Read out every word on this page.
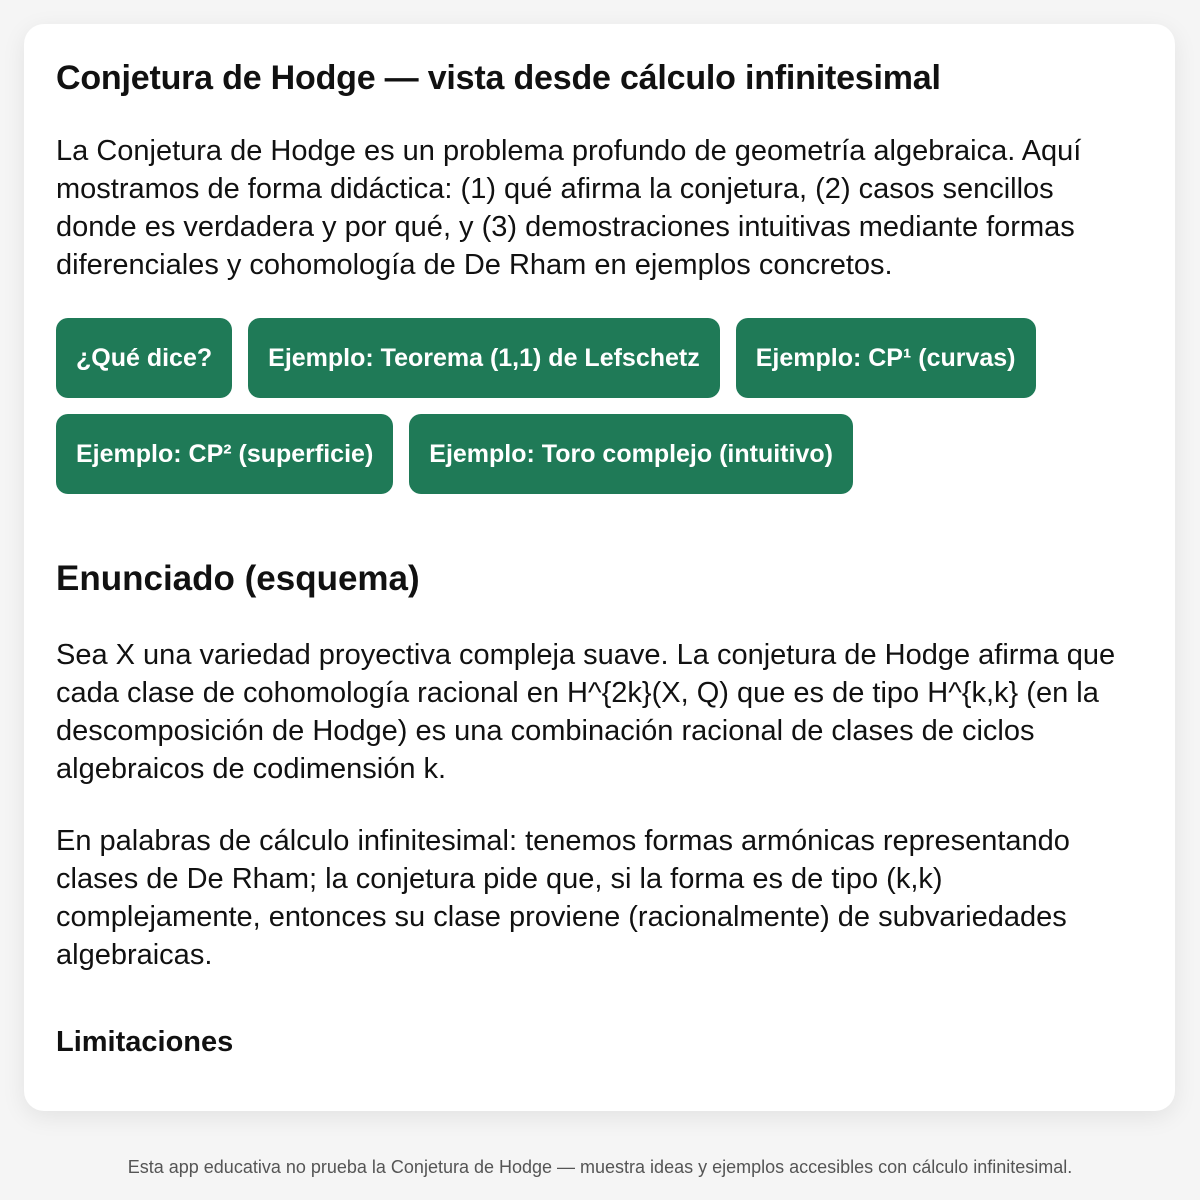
Conjetura de Hodge — vista desde cálculo infinitesimal

La Conjetura de Hodge es un problema profundo de geometría algebraica. Aquí mostramos de forma didáctica: (1) qué afirma la conjetura, (2) casos sencillos donde es verdadera y por qué, y (3) demostraciones intuitivas mediante formas diferenciales y cohomología de De Rham en ejemplos concretos.

¿Qué dice?	Ejemplo: Teorema (1,1) de Lefschetz	Ejemplo: CP¹ (curvas)
Ejemplo: CP² (superficie)	Ejemplo: Toro complejo (intuitivo)
Enunciado (esquema)

Sea X una variedad proyectiva compleja suave. La conjetura de Hodge afirma que cada clase de cohomología racional en H^{2k}(X, Q) que es de tipo H^{k,k} (en la descomposición de Hodge) es una combinación racional de clases de ciclos algebraicos de codimensión k.

En palabras de cálculo infinitesimal: tenemos formas armónicas representando clases de De Rham; la conjetura pide que, si la forma es de tipo (k,k) complejamente, entonces su clase proviene (racionalmente) de subvariedades algebraicas.

Limitaciones
Esta app educativa no prueba la Conjetura de Hodge — muestra ideas y ejemplos accesibles con cálculo infinitesimal.
